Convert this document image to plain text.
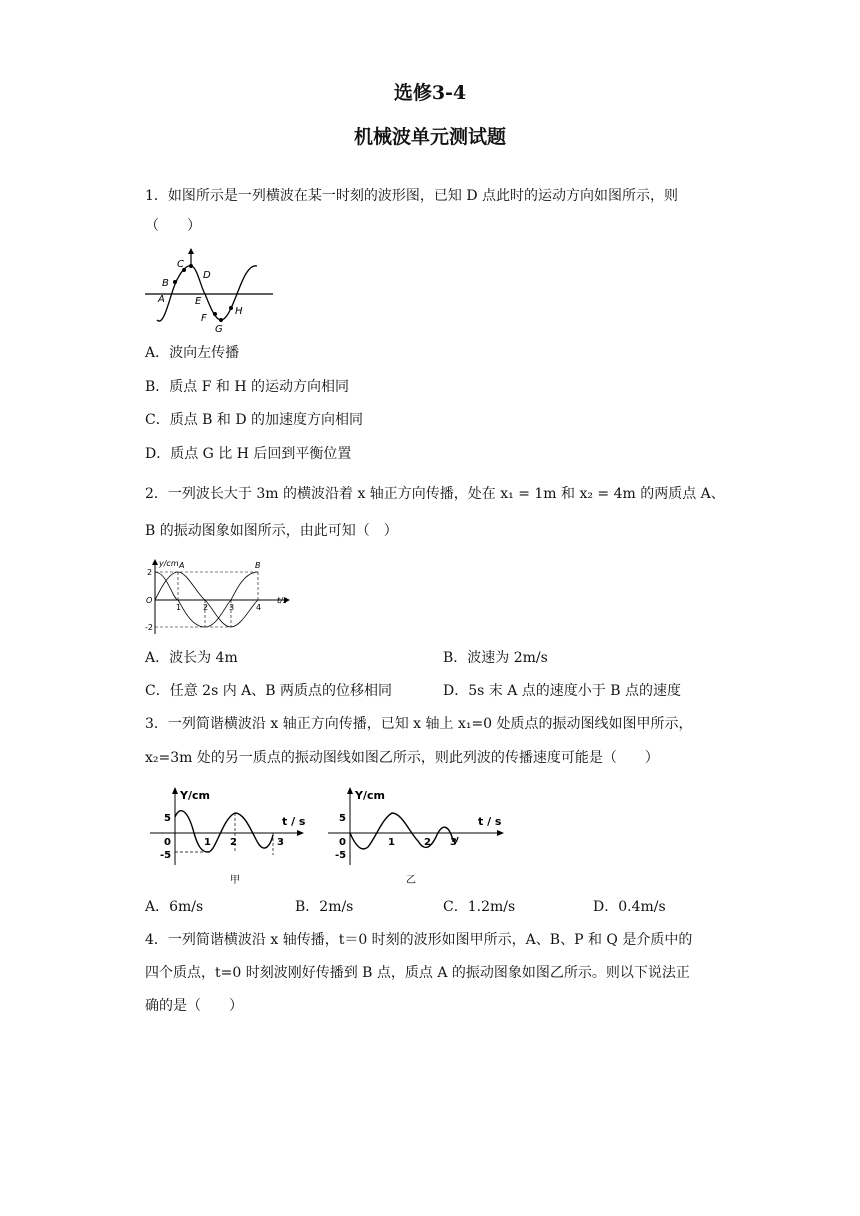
选修3-4
机械波单元测试题
1．如图所示是一列横波在某一时刻的波形图，已知 D 点此时的运动方向如图所示，则
（　　）
A
B
C
D
E
F
G
H
A．波向左传播
B．质点 F 和 H 的运动方向相同
C．质点 B 和 D 的加速度方向相同
D．质点 G 比 H 后回到平衡位置
2．一列波长大于 3m 的横波沿着 x 轴正方向传播，处在 x₁ = 1m 和 x₂ = 4m 的两质点 A、
B 的振动图象如图所示，由此可知（　）
y/cm A	B
t/s
O
2
-2
1	2	3	4
A．波长为 4m	B．波速为 2m/s
C．任意 2s 内 A、B 两质点的位移相同	D．5s 末 A 点的速度小于 B 点的速度
3．一列简谐横波沿 x 轴正方向传播，已知 x 轴上 x₁=0 处质点的振动图线如图甲所示，
x₂=3m 处的另一质点的振动图线如图乙所示，则此列波的传播速度可能是（　　）
Y/cm
t / s
5
0
-5
1 2	3
甲
Y/cm
t / s
5
0
-5
1	2 3
乙
A．6m/s	B．2m/s	C．1.2m/s	D．0.4m/s
4．一列简谐横波沿 x 轴传播，t＝0 时刻的波形如图甲所示，A、B、P 和 Q 是介质中的
四个质点，t=0 时刻波刚好传播到 B 点，质点 A 的振动图象如图乙所示。则以下说法正
确的是（　　）
